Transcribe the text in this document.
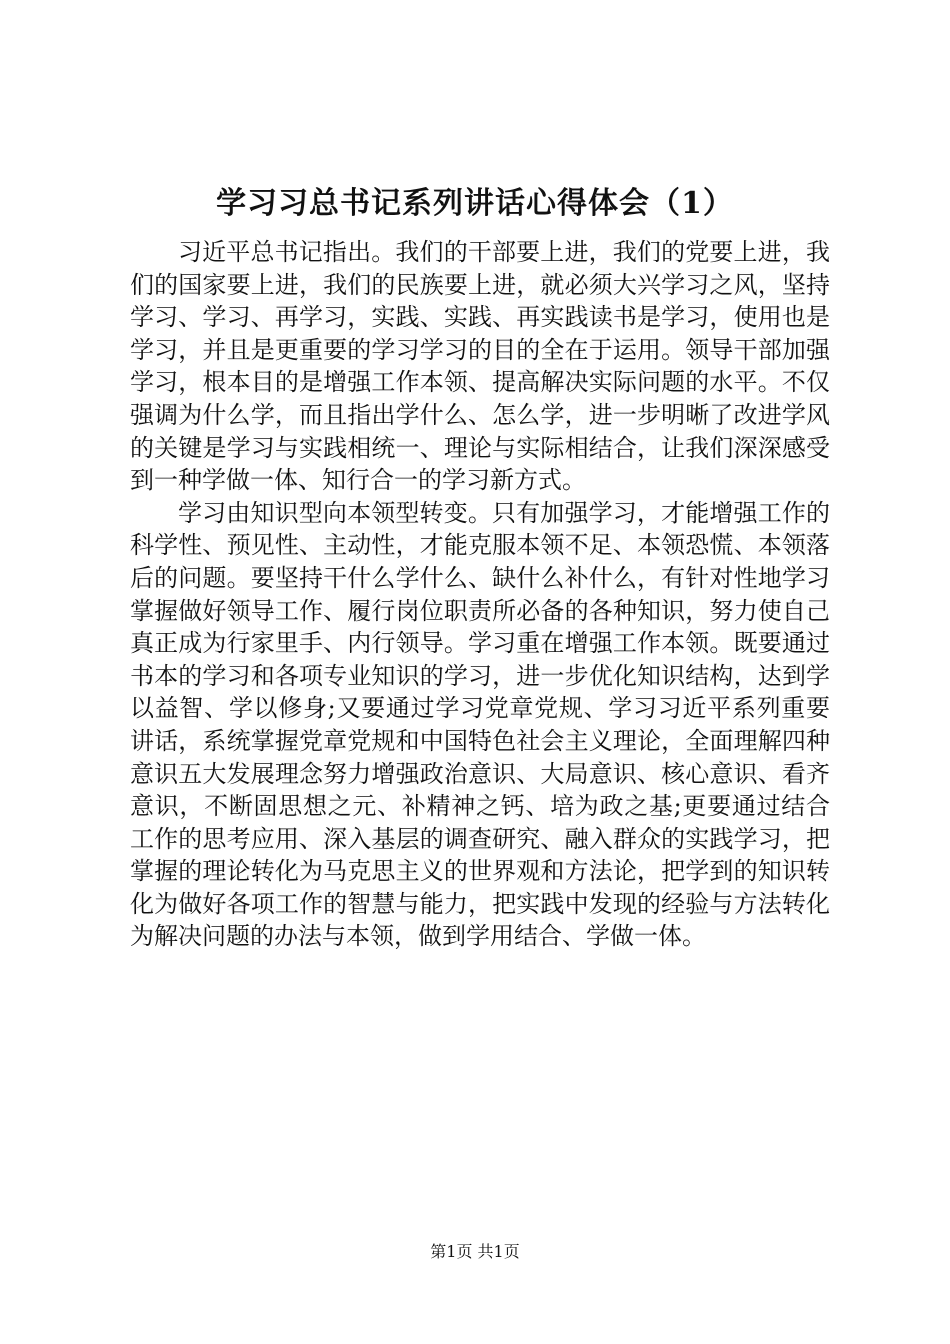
学习习总书记系列讲话心得体会（1）

习近平总书记指出。我们的干部要上进，我们的党要上进，我们的国家要上进，我们的民族要上进，就必须大兴学习之风，坚持学习、学习、再学习，实践、实践、再实践读书是学习，使用也是学习，并且是更重要的学习学习的目的全在于运用。领导干部加强学习，根本目的是增强工作本领、提高解决实际问题的水平。不仅强调为什么学，而且指出学什么、怎么学，进一步明晰了改进学风的关键是学习与实践相统一、理论与实际相结合，让我们深深感受到一种学做一体、知行合一的学习新方式。

学习由知识型向本领型转变。只有加强学习，才能增强工作的科学性、预见性、主动性，才能克服本领不足、本领恐慌、本领落后的问题。要坚持干什么学什么、缺什么补什么，有针对性地学习掌握做好领导工作、履行岗位职责所必备的各种知识，努力使自己真正成为行家里手、内行领导。学习重在增强工作本领。既要通过书本的学习和各项专业知识的学习，进一步优化知识结构，达到学以益智、学以修身;又要通过学习党章党规、学习习近平系列重要讲话，系统掌握党章党规和中国特色社会主义理论，全面理解四种意识五大发展理念努力增强政治意识、大局意识、核心意识、看齐意识，不断固思想之元、补精神之钙、培为政之基;更要通过结合工作的思考应用、深入基层的调查研究、融入群众的实践学习，把掌握的理论转化为马克思主义的世界观和方法论，把学到的知识转化为做好各项工作的智慧与能力，把实践中发现的经验与方法转化为解决问题的办法与本领，做到学用结合、学做一体。

第1页 共1页
